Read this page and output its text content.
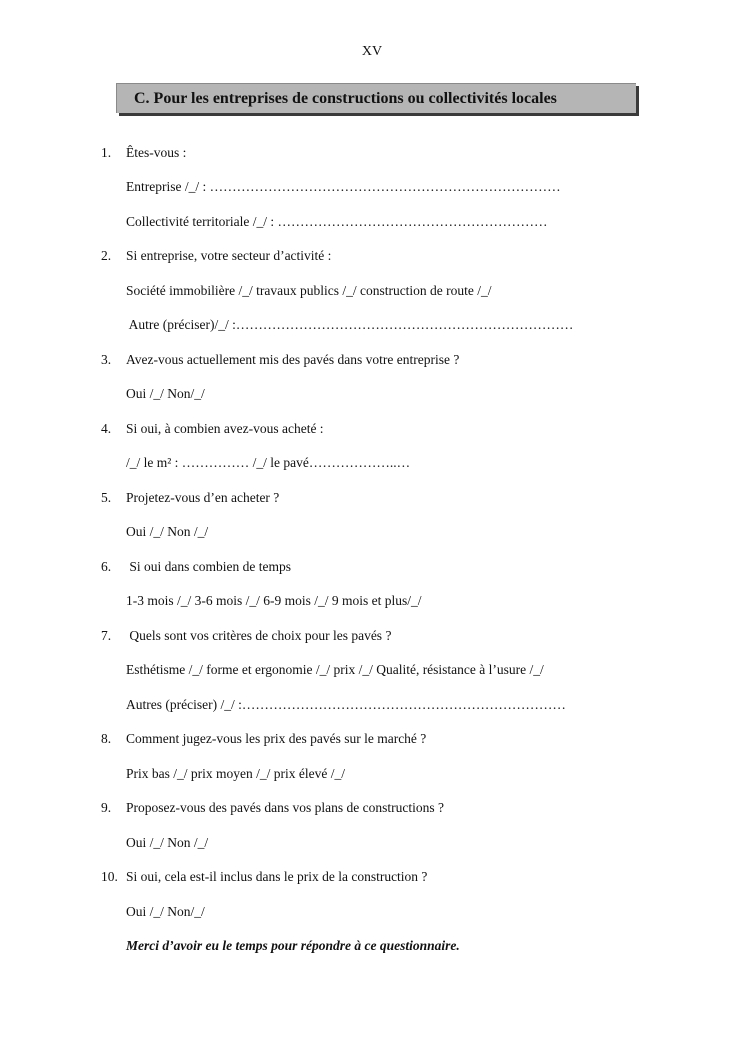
XV
C. Pour les entreprises de constructions ou collectivités locales
1.	Êtes-vous :
Entreprise /_/ : ……………………………………………………………………
Collectivité territoriale /_/ : ……………………………………………………
2.	Si entreprise, votre secteur d’activité :
Société immobilière /_/ travaux publics /_/ construction de route /_/
Autre (préciser)/_/ :…………………………………………………………………
3.	Avez-vous actuellement mis des pavés dans votre entreprise ?
Oui /_/ Non/_/
4.	Si oui, à combien avez-vous acheté :
/_/ le m² : …………… /_/ le pavé………………..…
5.	Projetez-vous d’en acheter ?
Oui /_/ Non /_/
6.	Si oui dans combien de temps
1-3 mois /_/ 3-6 mois /_/ 6-9 mois /_/ 9 mois et plus/_/
7.	Quels sont vos critères de choix pour les pavés ?
Esthétisme /_/ forme et ergonomie /_/ prix /_/ Qualité, résistance à l’usure /_/
Autres (préciser) /_/ :………………………………………………………………
8.	Comment jugez-vous les prix des pavés sur le marché ?
Prix bas /_/ prix moyen /_/ prix élevé /_/
9.	Proposez-vous des pavés dans vos plans de constructions ?
Oui /_/ Non /_/
10. Si oui, cela est-il inclus dans le prix de la construction ?
Oui /_/ Non/_/
Merci d’avoir eu le temps pour répondre à ce questionnaire.
